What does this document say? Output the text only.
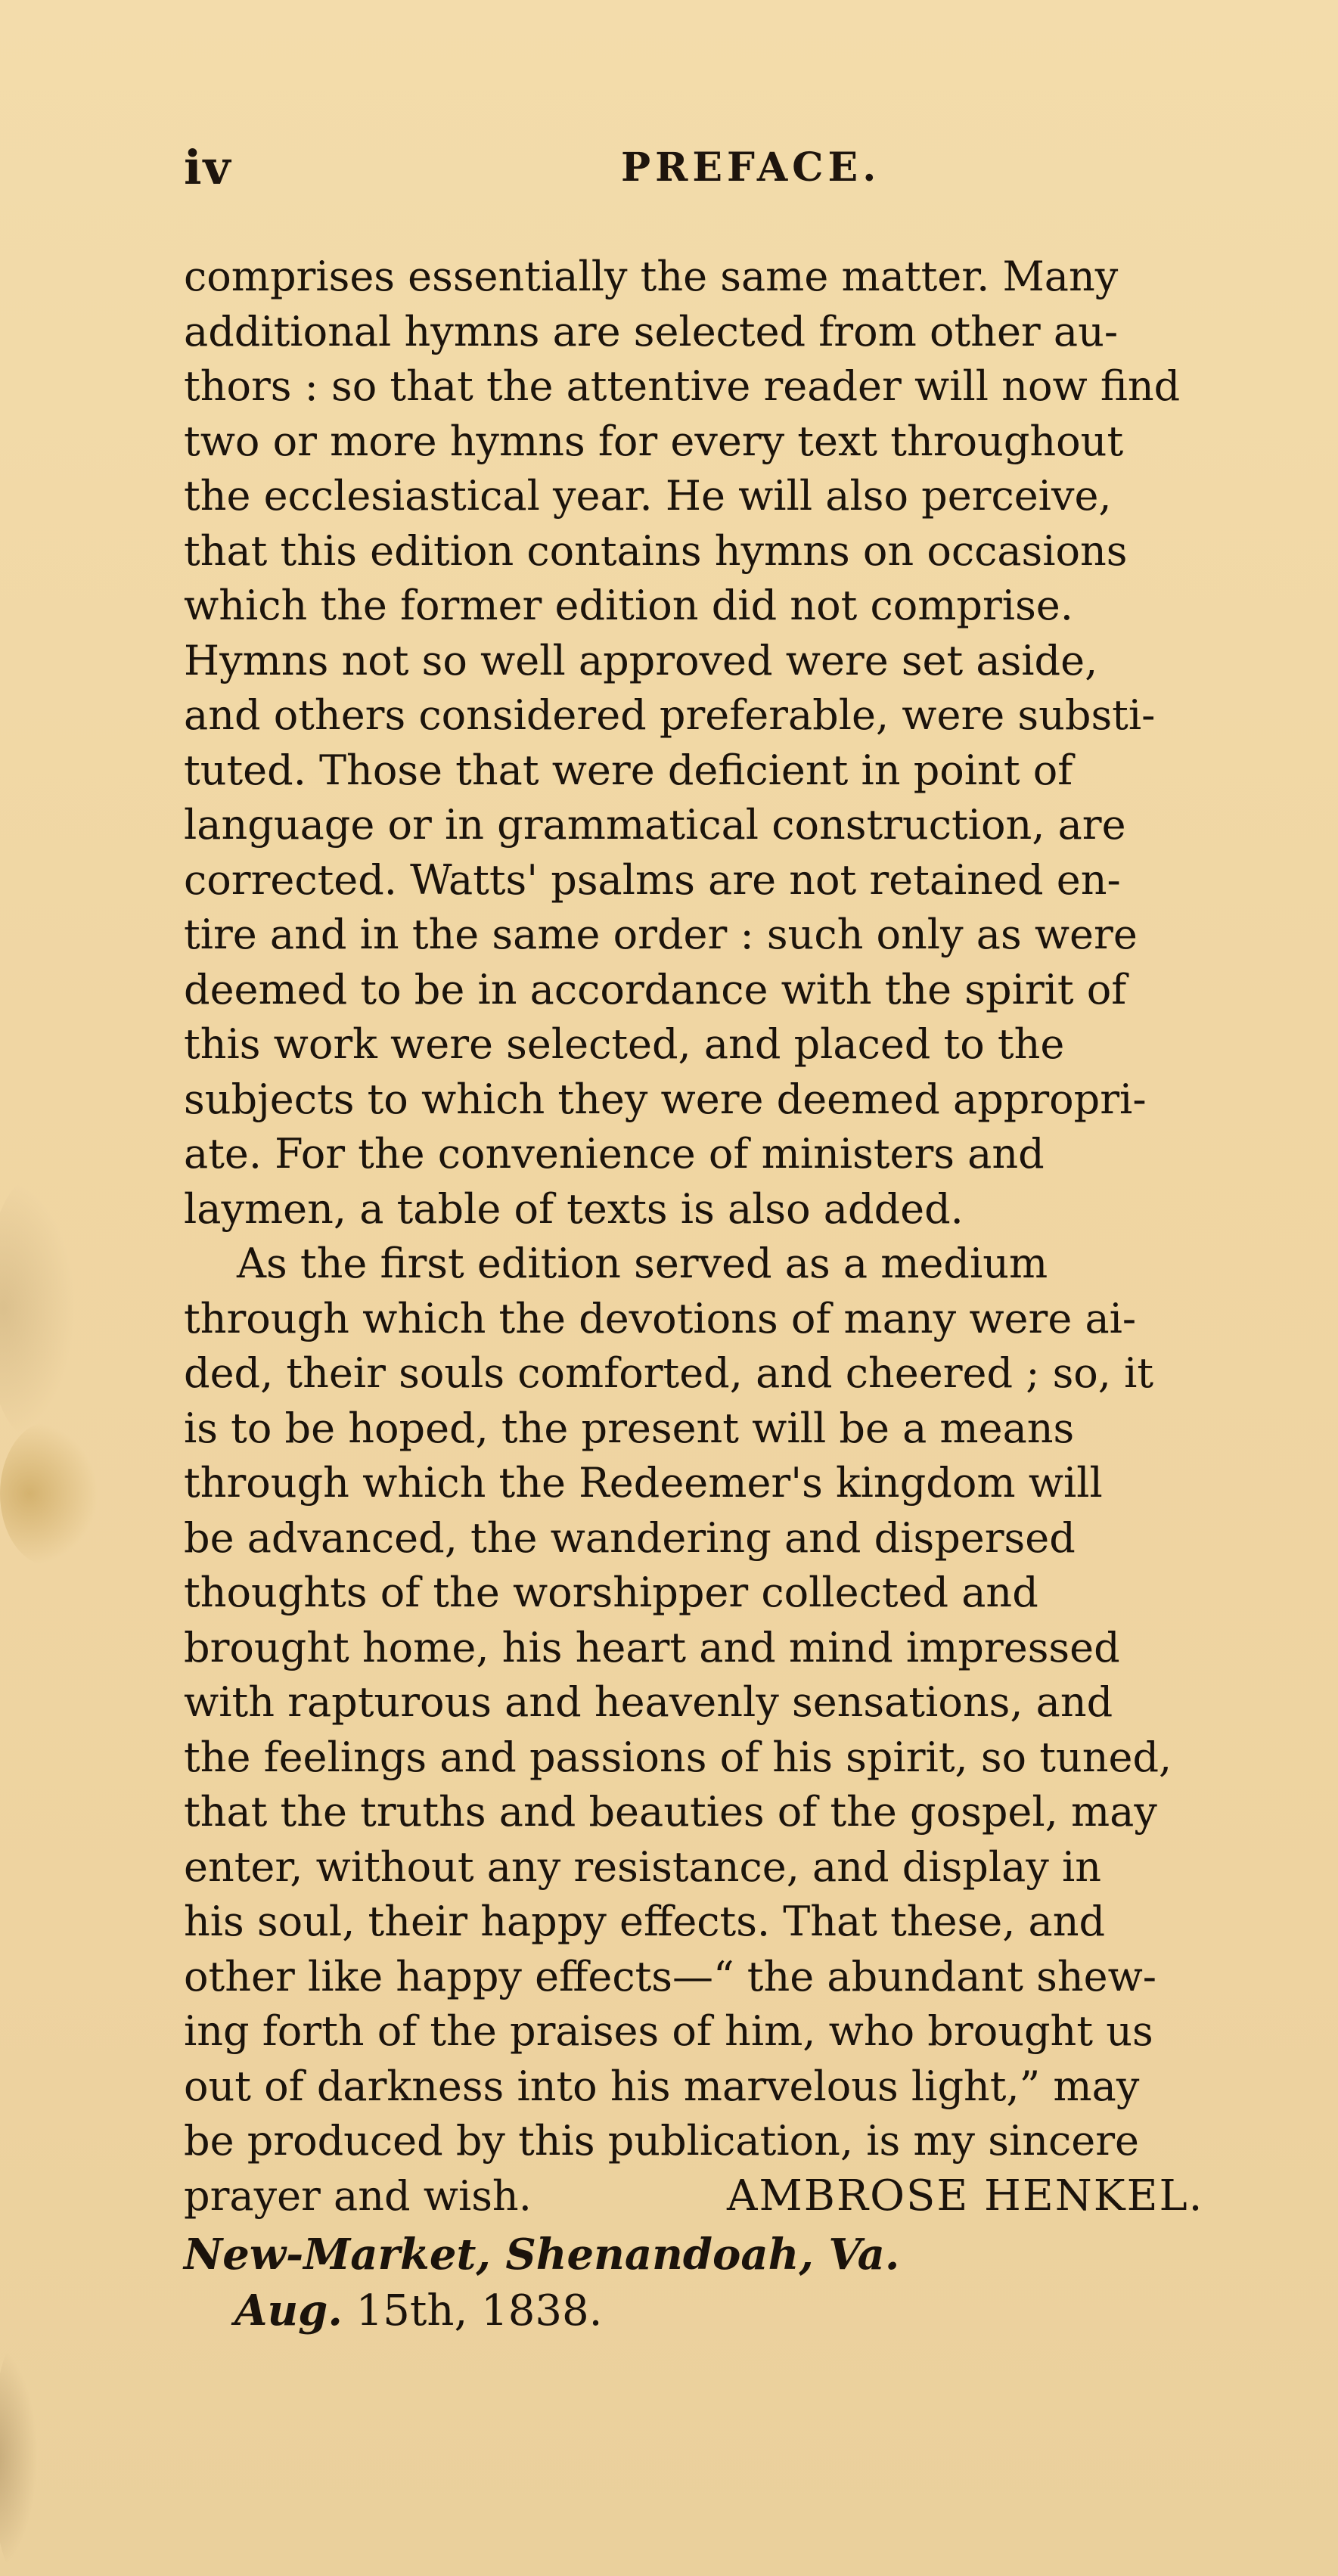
iv	PREFACE.
comprises essentially the same matter. Many
additional hymns are selected from other au-
thors : so that the attentive reader will now find
two or more hymns for every text throughout
the ecclesiastical year. He will also perceive,
that this edition contains hymns on occasions
which the former edition did not comprise.
Hymns not so well approved were set aside,
and others considered preferable, were substi-
tuted. Those that were deficient in point of
language or in grammatical construction, are
corrected. Watts' psalms are not retained en-
tire and in the same order : such only as were
deemed to be in accordance with the spirit of
this work were selected, and placed to the
subjects to which they were deemed appropri-
ate. For the convenience of ministers and
laymen, a table of texts is also added.
As the first edition served as a medium
through which the devotions of many were ai-
ded, their souls comforted, and cheered ; so, it
is to be hoped, the present will be a means
through which the Redeemer's kingdom will
be advanced, the wandering and dispersed
thoughts of the worshipper collected and
brought home, his heart and mind impressed
with rapturous and heavenly sensations, and
the feelings and passions of his spirit, so tuned,
that the truths and beauties of the gospel, may
enter, without any resistance, and display in
his soul, their happy effects. That these, and
other like happy effects—“ the abundant shew-
ing forth of the praises of him, who brought us
out of darkness into his marvelous light,” may
be produced by this publication, is my sincere
prayer and wish.	AMBROSE HENKEL.
New-Market, Shenandoah, Va.
Aug. 15th, 1838.
